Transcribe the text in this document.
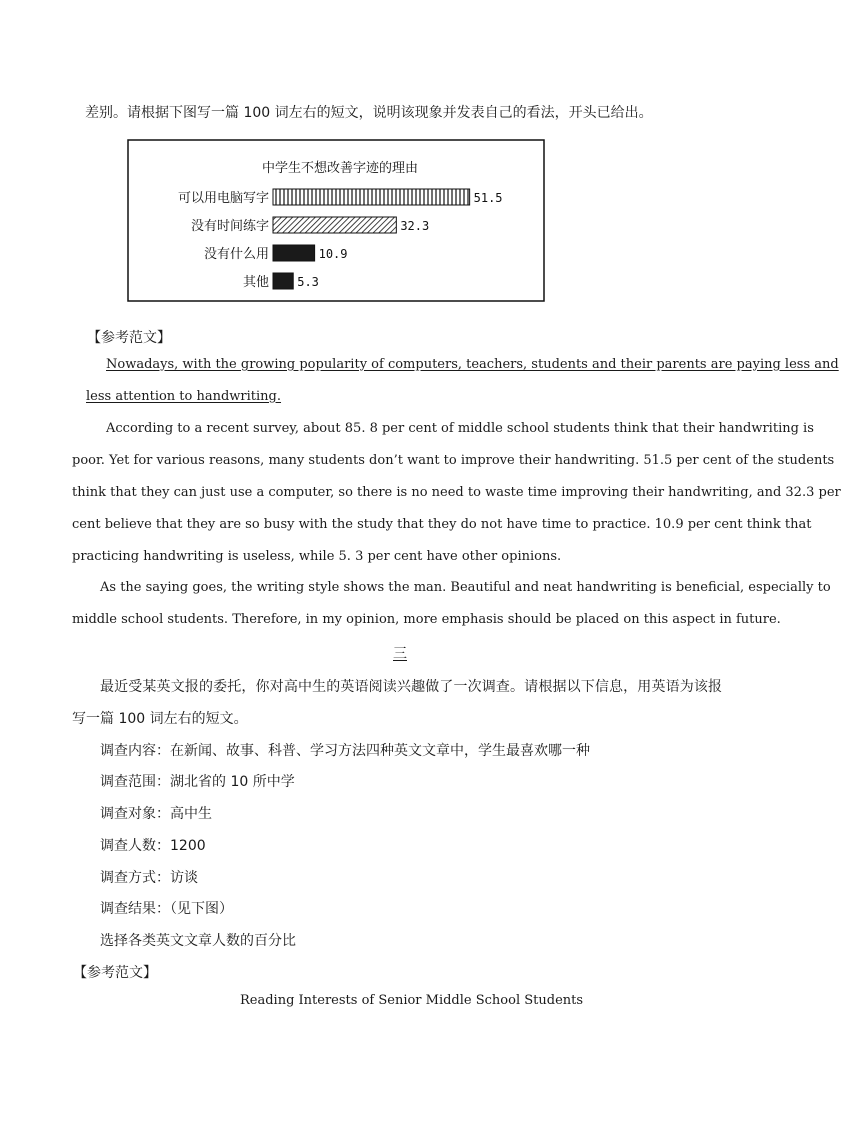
差别。请根据下图写一篇 100 词左右的短文，说明该现象并发表自己的看法，开头已给出。
中学生不想改善字迹的理由
可以用电脑写字	51.5
没有时间练字	32.3
没有什么用	10.9
其他 5.3
【参考范文】
Nowadays, with the growing popularity of computers, teachers, students and their parents are paying less and
less attention to handwriting.
According to a recent survey, about 85. 8 per cent of middle school students think that their handwriting is
poor. Yet for various reasons, many students don’t want to improve their handwriting. 51.5 per cent of the students
think that they can just use a computer, so there is no need to waste time improving their handwriting, and 32.3 per
cent believe that they are so busy with the study that they do not have time to practice. 10.9 per cent think that
practicing handwriting is useless, while 5. 3 per cent have other opinions.
As the saying goes, the writing style shows the man. Beautiful and neat handwriting is beneficial, especially to
middle school students. Therefore, in my opinion, more emphasis should be placed on this aspect in future.
三
最近受某英文报的委托，你对高中生的英语阅读兴趣做了一次调查。请根据以下信息，用英语为该报
写一篇 100 词左右的短文。
调查内容：在新闻、故事、科普、学习方法四种英文文章中，学生最喜欢哪一种
调查范围：湖北省的 10 所中学
调查对象：高中生
调查人数：1200
调查方式：访谈
调查结果：（见下图）
选择各类英文文章人数的百分比
【参考范文】
Reading Interests of Senior Middle School Students
